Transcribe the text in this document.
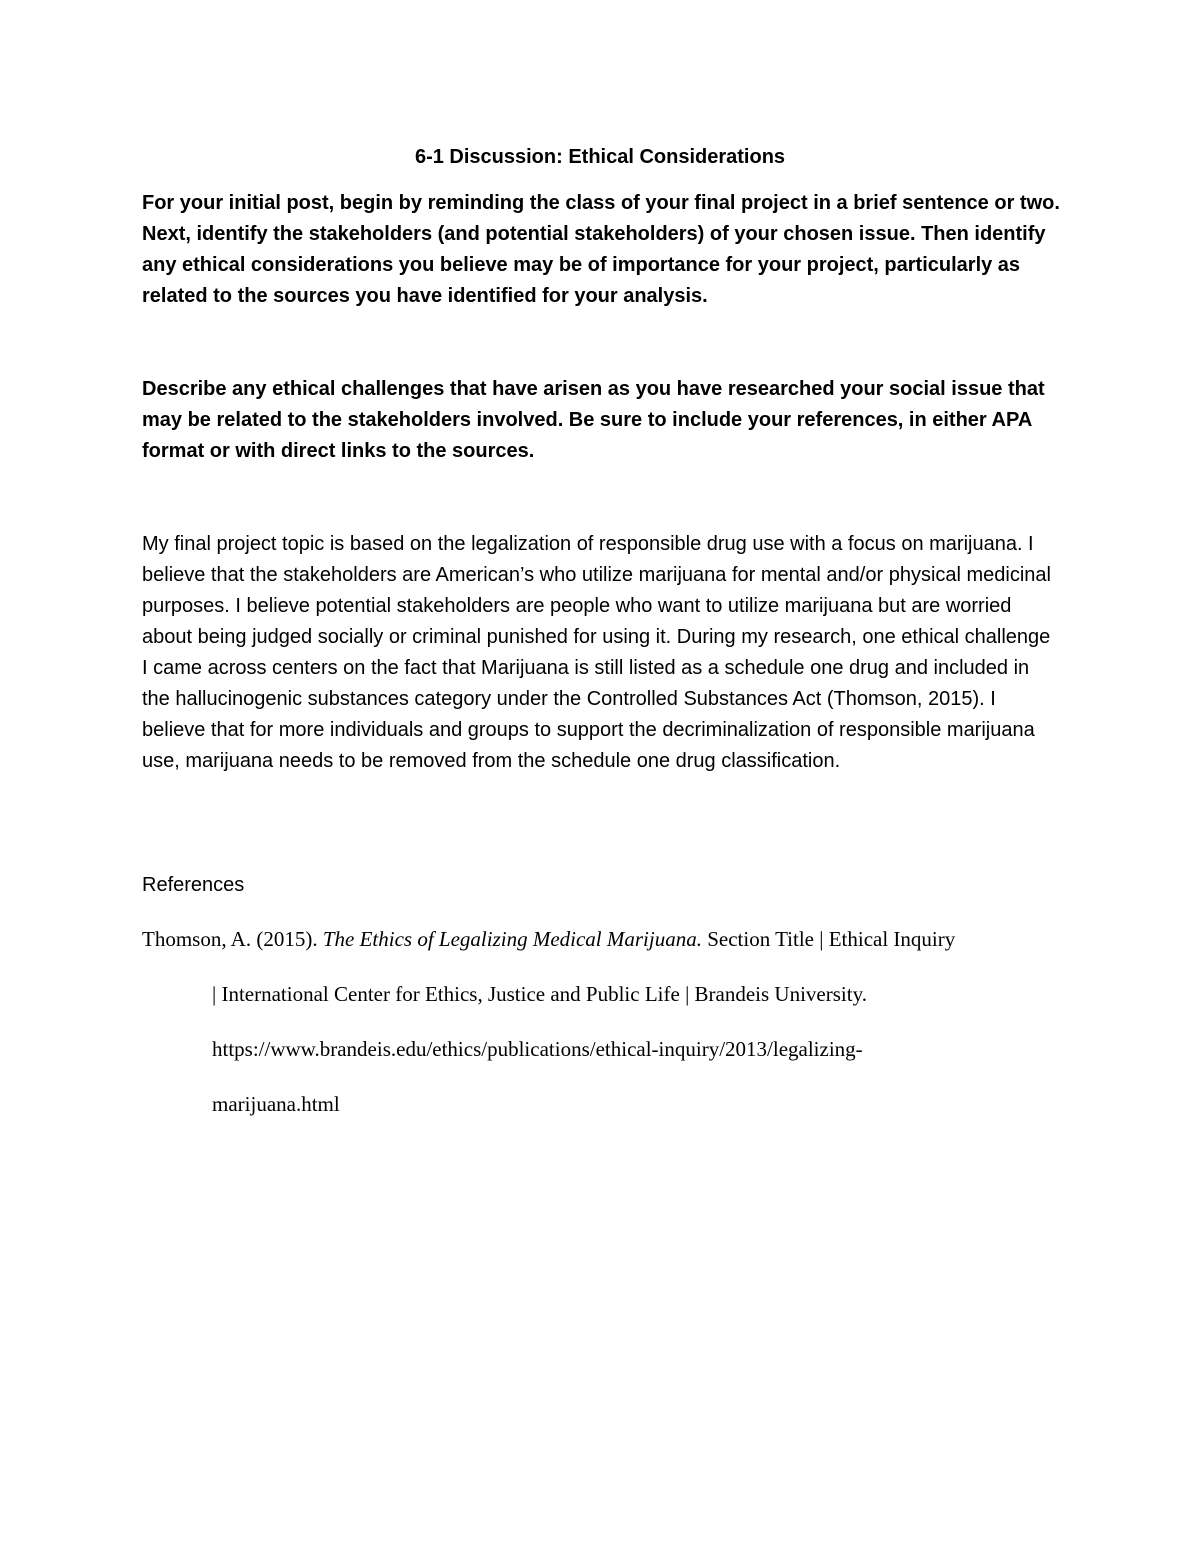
6-1 Discussion: Ethical Considerations

For your initial post, begin by reminding the class of your final project in a brief sentence or two. Next, identify the stakeholders (and potential stakeholders) of your chosen issue. Then identify any ethical considerations you believe may be of importance for your project, particularly as related to the sources you have identified for your analysis.

Describe any ethical challenges that have arisen as you have researched your social issue that may be related to the stakeholders involved. Be sure to include your references, in either APA format or with direct links to the sources.

My final project topic is based on the legalization of responsible drug use with a focus on marijuana. I believe that the stakeholders are American’s who utilize marijuana for mental and/or physical medicinal purposes. I believe potential stakeholders are people who want to utilize marijuana but are worried about being judged socially or criminal punished for using it. During my research, one ethical challenge I came across centers on the fact that Marijuana is still listed as a schedule one drug and included in the hallucinogenic substances category under the Controlled Substances Act (Thomson, 2015). I believe that for more individuals and groups to support the decriminalization of responsible marijuana use, marijuana needs to be removed from the schedule one drug classification.

References

Thomson, A. (2015). The Ethics of Legalizing Medical Marijuana. Section Title | Ethical Inquiry
| International Center for Ethics, Justice and Public Life | Brandeis University.
https://www.brandeis.edu/ethics/publications/ethical-inquiry/2013/legalizing-
marijuana.html
